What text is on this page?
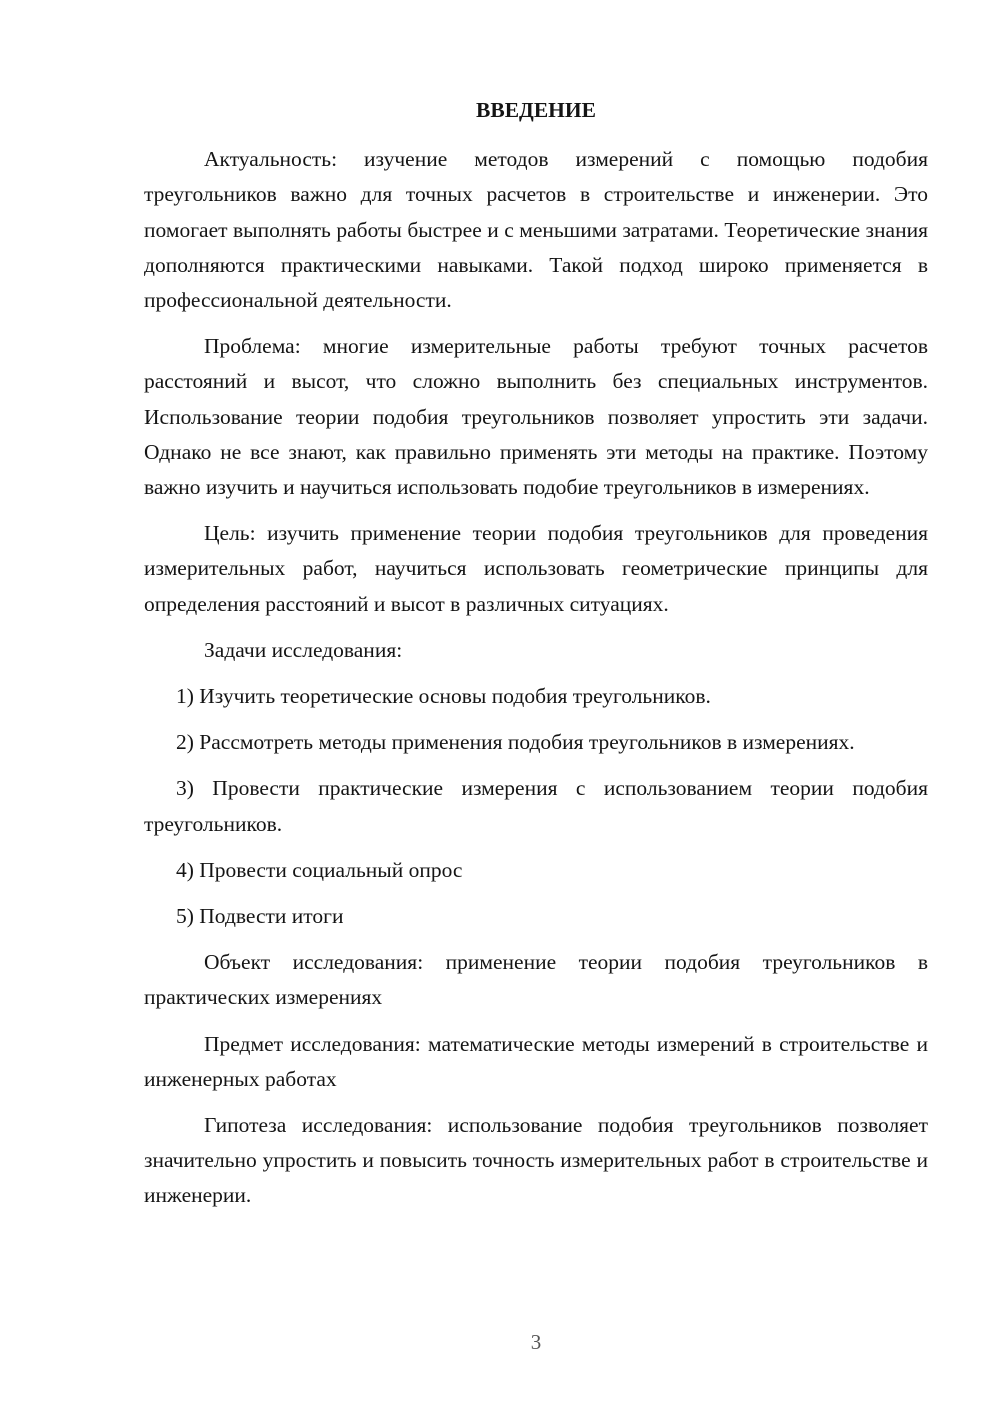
ВВЕДЕНИЕ

Актуальность: изучение методов измерений с помощью подобия треугольников важно для точных расчетов в строительстве и инженерии. Это помогает выполнять работы быстрее и с меньшими затратами. Теоретические знания дополняются практическими навыками. Такой подход широко применяется в профессиональной деятельности.

Проблема: многие измерительные работы требуют точных расчетов расстояний и высот, что сложно выполнить без специальных инструментов. Использование теории подобия треугольников позволяет упростить эти задачи. Однако не все знают, как правильно применять эти методы на практике. Поэтому важно изучить и научиться использовать подобие треугольников в измерениях.

Цель: изучить применение теории подобия треугольников для проведения измерительных работ, научиться использовать геометрические принципы для определения расстояний и высот в различных ситуациях.

Задачи исследования:

1) Изучить теоретические основы подобия треугольников.

2) Рассмотреть методы применения подобия треугольников в измерениях.

3) Провести практические измерения с использованием теории подобия треугольников.

4) Провести социальный опрос

5) Подвести итоги

Объект исследования: применение теории подобия треугольников в практических измерениях

Предмет исследования: математические методы измерений в строительстве и инженерных работах

Гипотеза исследования: использование подобия треугольников позволяет значительно упростить и повысить точность измерительных работ в строительстве и инженерии.

3
